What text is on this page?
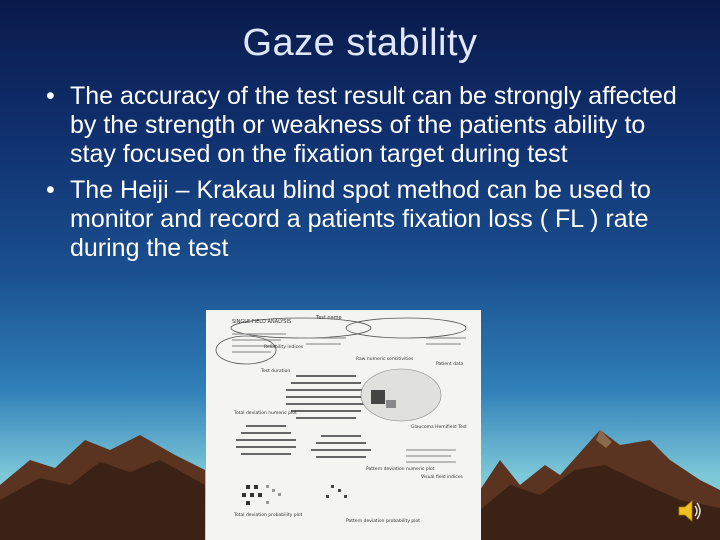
Gaze stability
• The accuracy of the test result can be strongly affected by the strength or weakness of the patients ability to stay focused on the fixation target during test
• The Heiji – Krakau blind spot method can be used to monitor and record a patients fixation loss ( FL ) rate during the test
SINGLE FIELD ANALYSIS
Test name
Reliability indices
Raw numeric sensitivities
Patient data
Test duration
Glaucoma Hemifield Test
Visual field indices
Total deviation numeric plot
Pattern deviation numeric plot
Total deviation probability plot
Pattern deviation probability plot
